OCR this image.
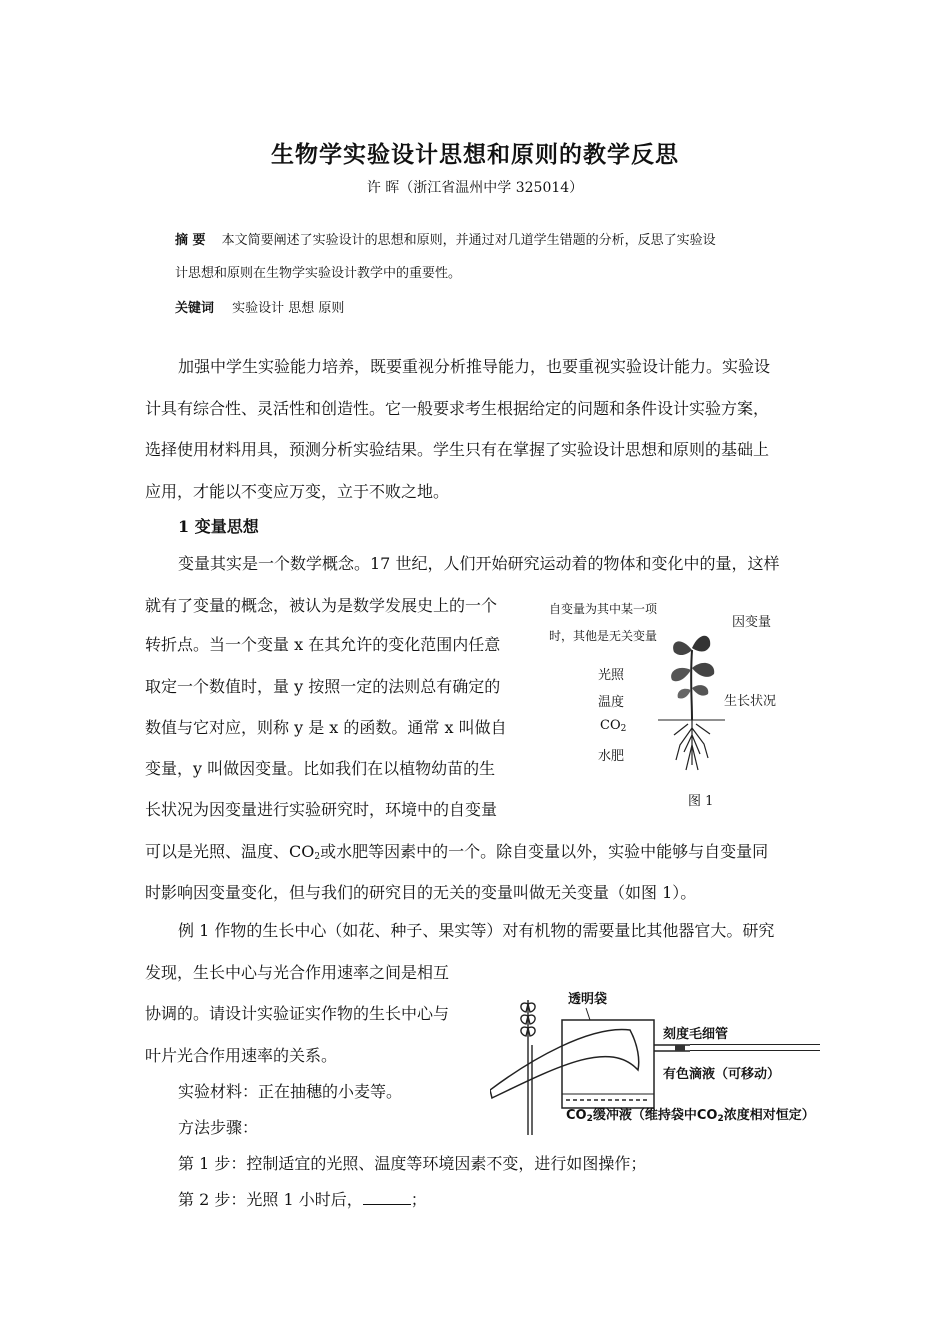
生物学实验设计思想和原则的教学反思
许 晖（浙江省温州中学 325014）
摘 要 本文简要阐述了实验设计的思想和原则，并通过对几道学生错题的分析，反思了实验设
计思想和原则在生物学实验设计教学中的重要性。
关键词 实验设计 思想 原则
加强中学生实验能力培养，既要重视分析推导能力，也要重视实验设计能力。实验设
计具有综合性、灵活性和创造性。它一般要求考生根据给定的问题和条件设计实验方案，
选择使用材料用具，预测分析实验结果。学生只有在掌握了实验设计思想和原则的基础上
应用，才能以不变应万变，立于不败之地。
1 变量思想
变量其实是一个数学概念。17 世纪，人们开始研究运动着的物体和变化中的量，这样
就有了变量的概念，被认为是数学发展史上的一个
转折点。当一个变量 x 在其允许的变化范围内任意
取定一个数值时，量 y 按照一定的法则总有确定的
数值与它对应，则称 y 是 x 的函数。通常 x 叫做自
变量，y 叫做因变量。比如我们在以植物幼苗的生
长状况为因变量进行实验研究时，环境中的自变量
可以是光照、温度、$CO_2$或水肥等因素中的一个。除自变量以外，实验中能够与自变量同
时影响因变量变化，但与我们的研究目的无关的变量叫做无关变量（如图 1）。
自变量为其中某一项
时，其他是无关变量
因变量
光照
温度
$CO_2$
水肥
生长状况
图 1
例 1 作物的生长中心（如花、种子、果实等）对有机物的需要量比其他器官大。研究
发现，生长中心与光合作用速率之间是相互
协调的。请设计实验证实作物的生长中心与
叶片光合作用速率的关系。
实验材料：正在抽穗的小麦等。
方法步骤：
第 1 步：控制适宜的光照、温度等环境因素不变，进行如图操作；
第 2 步：光照 1 小时后，	；
透明袋
刻度毛细管
有色滴液（可移动）
$CO_2$缓冲液（维持袋中$CO_2$浓度相对恒定）
